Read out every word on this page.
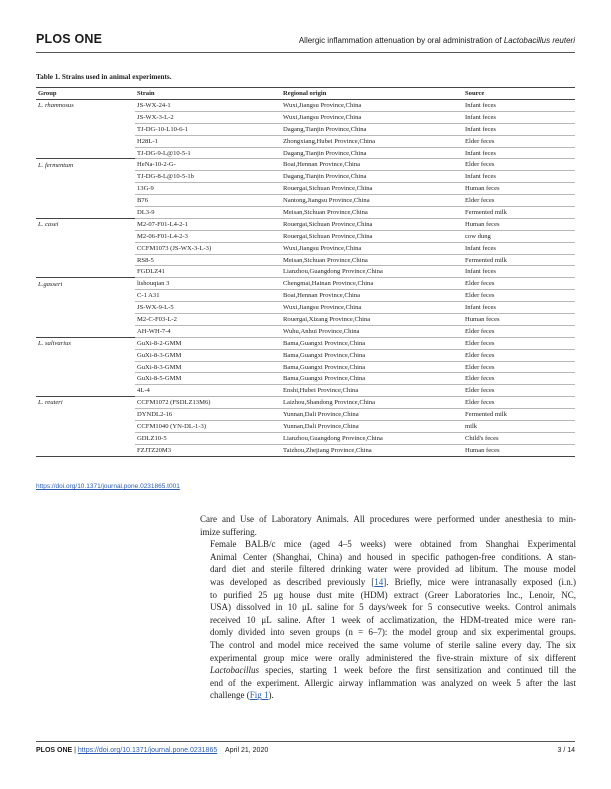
PLOS ONE	Allergic inflammation attenuation by oral administration of Lactobacillus reuteri
Table 1. Strains used in animal experiments.
Group	Strain	Regional origin	Source
L. rhamnosus	JS-WX-24-1	Wuxi,Jiangsu Province,China	Infant feces
	JS-WX-3-L-2	Wuxi,Jiangsu Province,China	Infant feces
	TJ-DG-10-L10-6-1	Dagang,Tianjin Province,China	Infant feces
	H28L-1	Zhongxiang,Hubei Province,China	Elder feces
	TJ-DG-9-L@10-5-1	Dagang,Tianjin Province,China	Infant feces
L. fermentum	HeNa-10-2-G-	Boai,Hennan Province,China	Elder feces
	TJ-DG-8-L@10-5-1b	Dagang,Tianjin Province,China	Infant feces
	13G-9	Rouergai,Sichuan Province,China	Human feces
	B76	Nantong,Jiangsu Province,China	Elder feces
	DL3-9	Meisan,Sichuan Province,China	Fermented milk
L. casei	M2-07-F01-L4-2-1	Rouergai,Sichuan Province,China	Human feces
	M2-06-F01-L4-2-3	Rouergai,Sichuan Province,China	cow dung
	CCFM1073 (JS-WX-3-L-3)	Wuxi,Jiangsu Province,China	Infant feces
	RS8-5	Meisan,Sichuan Province,China	Fermented milk
	FGDLZ41	Lianzhou,Guangdong Province,China	Infant feces
L.gasseri	lishouqian 3	Chengmai,Hainan Province,China	Elder feces
	C-1 A31	Boai,Hennan Province,China	Elder feces
	JS-WX-9-L-5	Wuxi,Jiangsu Province,China	Infant feces
	M2-C-F03-L-2	Rouergai,Xizang Province,China	Human feces
	AH-WH-7-4	Wuhu,Anhui Province,China	Elder feces
L. salivarius	GuXi-8-2-GMM	Bama,Guangxi Province,China	Elder feces
	GuXi-8-3-GMM	Bama,Guangxi Province,China	Elder feces
	GuXi-8-3-GMM	Bama,Guangxi Province,China	Elder feces
	GuXi-8-5-GMM	Bama,Guangxi Province,China	Elder feces
	4L-4	Enshi,Hubei Province,China	Elder feces
L. reuteri	CCFM1072 (FSDLZ13M6)	Laizhou,Shandong Province,China	Elder feces
	DYNDL2-16	Yunnan,Dali Province,China	Fermented milk
	CCFM1040 (YN-DL-1-3)	Yunnan,Dali Province,China	milk
	GDLZ10-5	Lianzhou,Guangdong Province,China	Child's feces
	FZJTZ20M3	Taizhou,Zhejiang Province,China	Human feces
https://doi.org/10.1371/journal.pone.0231865.t001

Care and Use of Laboratory Animals. All procedures were performed under anesthesia to min-
imize suffering.

Female BALB/c mice (aged 4–5 weeks) were obtained from Shanghai Experimental
Animal Center (Shanghai, China) and housed in specific pathogen-free conditions. A stan-
dard diet and sterile filtered drinking water were provided ad libitum. The mouse model
was developed as described previously [14]. Briefly, mice were intranasally exposed (i.n.)
to purified 25 μg house dust mite (HDM) extract (Greer Laboratories Inc., Lenoir, NC,
USA) dissolved in 10 μL saline for 5 days/week for 5 consecutive weeks. Control animals
received 10 μL saline. After 1 week of acclimatization, the HDM-treated mice were ran-
domly divided into seven groups (n = 6–7): the model group and six experimental groups.
The control and model mice received the same volume of sterile saline every day. The six
experimental group mice were orally administered the five-strain mixture of six different
Lactobacillus species, starting 1 week before the first sensitization and continued till the
end of the experiment. Allergic airway inflammation was analyzed on week 5 after the last
challenge (Fig 1).

PLOS ONE | https://doi.org/10.1371/journal.pone.0231865 April 21, 2020	3 / 14
